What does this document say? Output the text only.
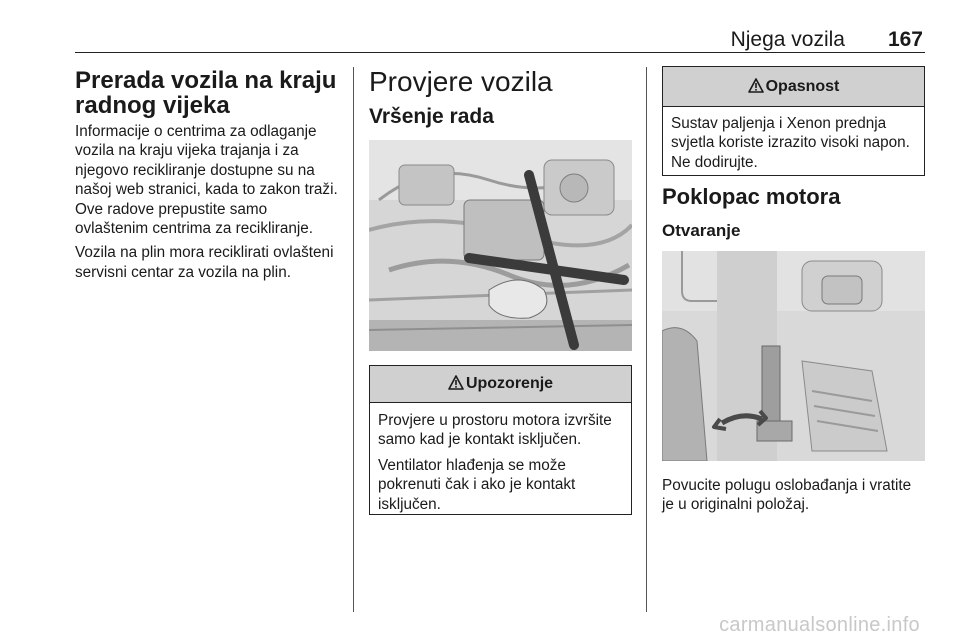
Njega vozila 167
Prerada vozila na kraju radnog vijeka

Informacije o centrima za odlaganje vozila na kraju vijeka trajanja i za njegovo recikliranje dostupne su na našoj web stranici, kada to zakon traži. Ove radove prepustite samo ovlaštenim centrima za recikliranje.

Vozila na plin mora reciklirati ovlašteni servisni centar za vozila na plin.

Provjere vozila
Vršenje rada
Upozorenje

Provjere u prostoru motora izvršite samo kad je kontakt isključen.

Ventilator hlađenja se može pokrenuti čak i ako je kontakt isključen.

Opasnost

Sustav paljenja i Xenon prednja svjetla koriste izrazito visoki napon. Ne dodirujte.

Poklopac motora
Otvaranje

Povucite polugu oslobađanja i vratite je u originalni položaj.

carmanualsonline.info
